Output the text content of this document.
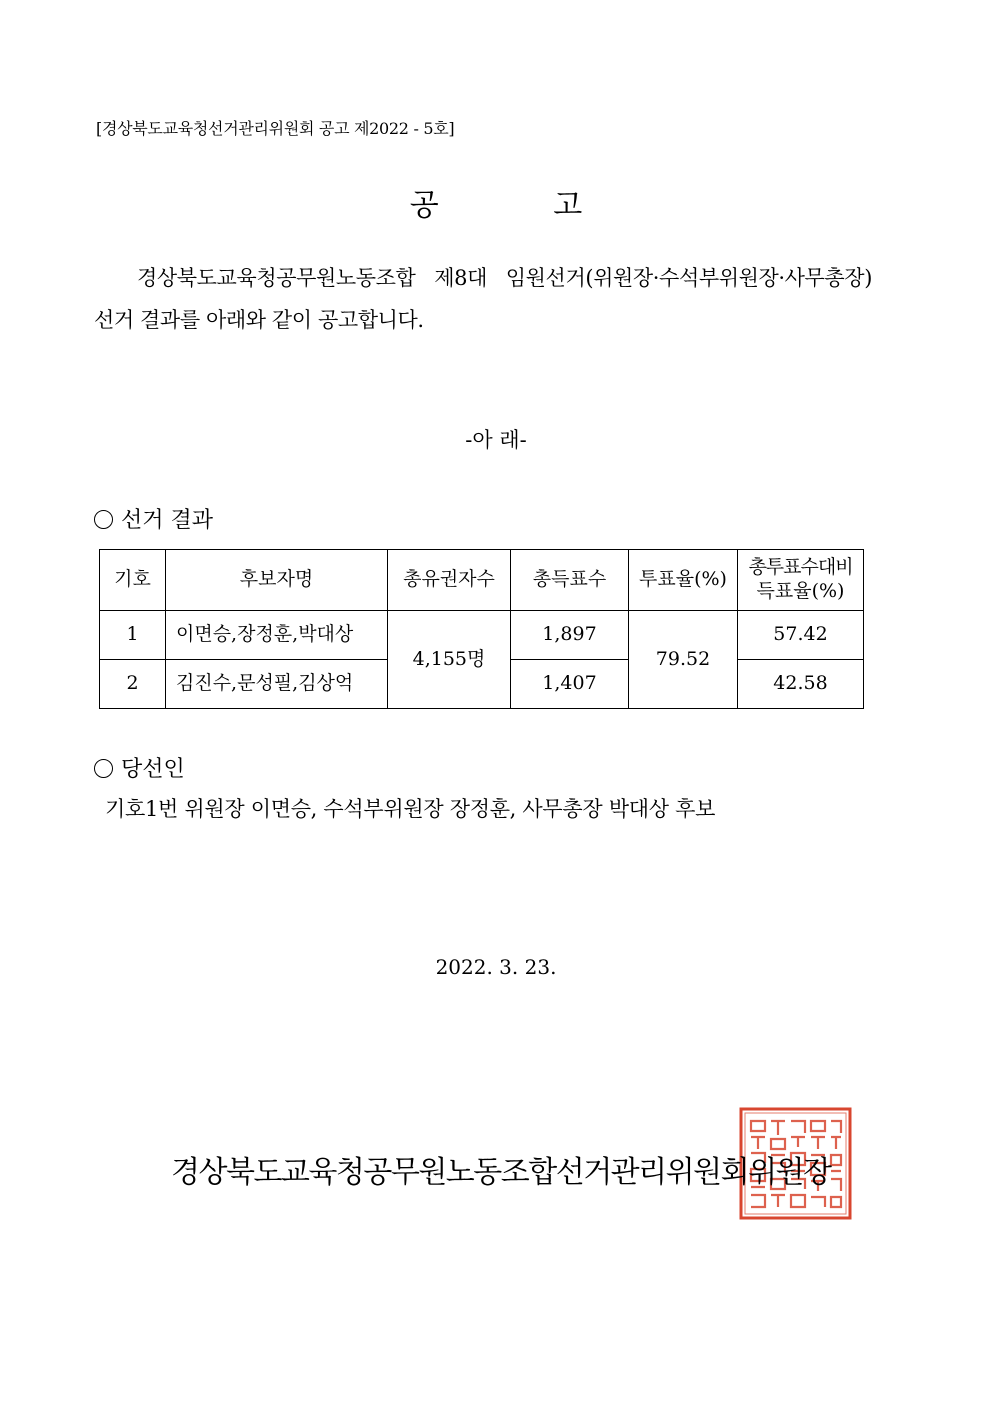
[경상북도교육청선거관리위원회 공고 제2022 - 5호]
공 고
경상북도교육청공무원노동조합   제8대   임원선거(위원장·수석부위원장·사무총장)
선거 결과를 아래와 같이 공고합니다.
-아 래-
선거 결과
기호	후보자명	총유권자수	총득표수	투표율(%)	총투표수대비
득표율(%)

1	이면승,장정훈,박대상	4,155명	1,897	79.52	57.42
2	김진수,문성필,김상억		1,407		42.58
당선인
기호1번 위원장 이면승, 수석부위원장 장정훈, 사무총장 박대상 후보
2022. 3. 23.
경상북도교육청공무원노동조합선거관리위원회위원장
